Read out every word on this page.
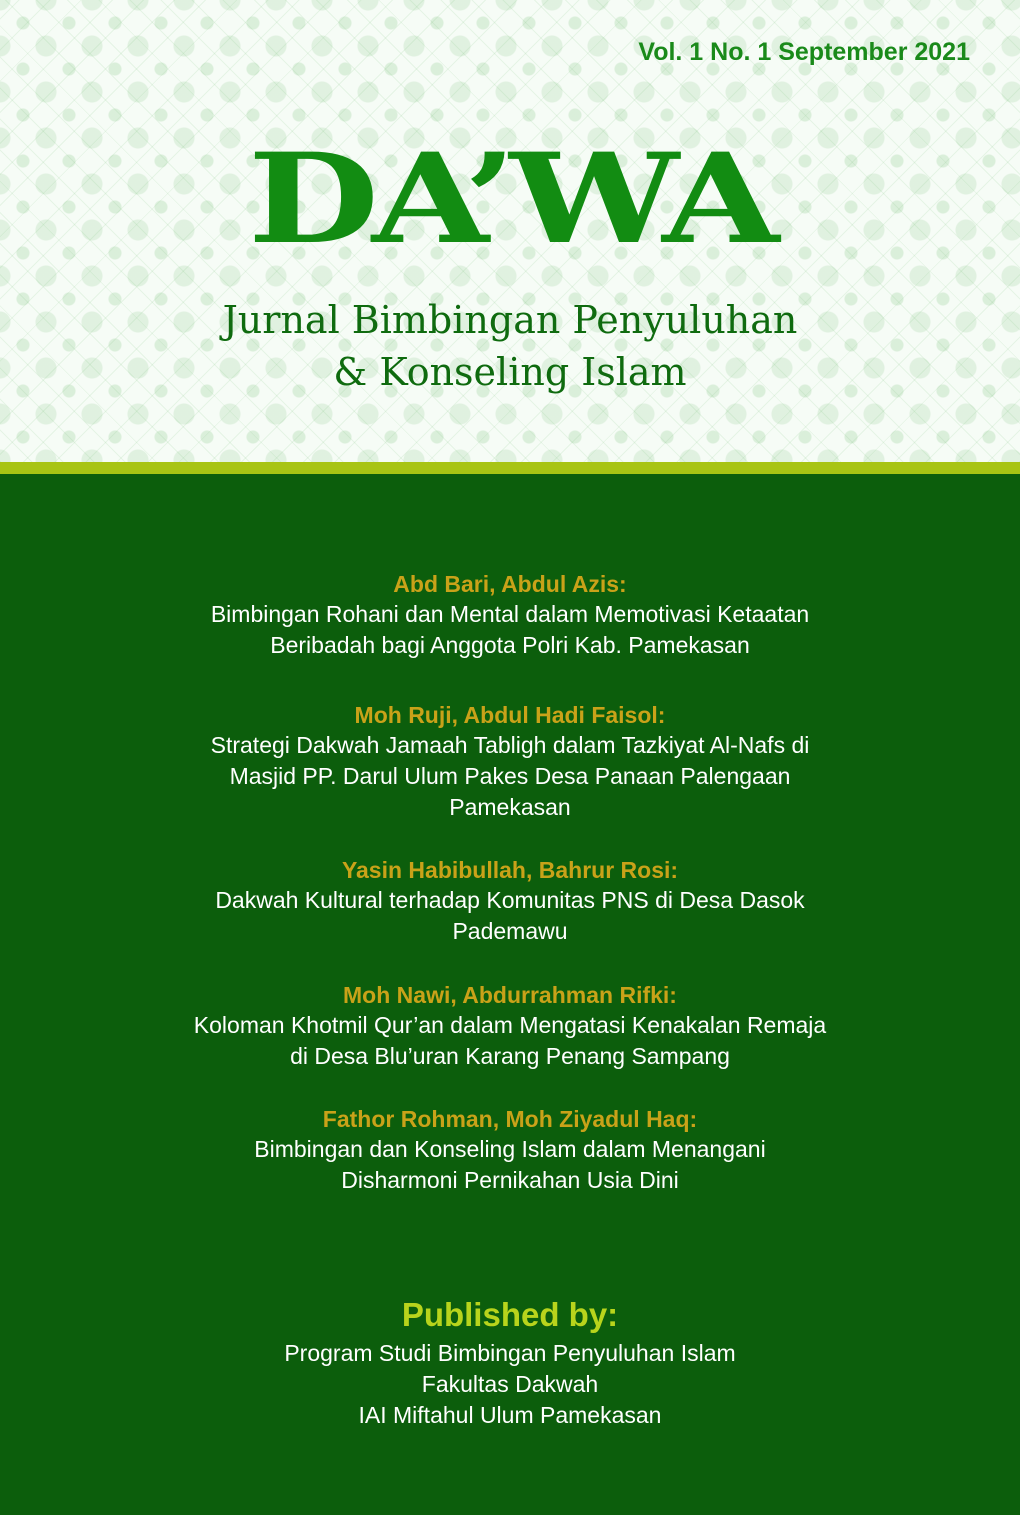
Vol. 1 No. 1 September 2021
DA’WA
Jurnal Bimbingan Penyuluhan
& Konseling Islam
Abd Bari, Abdul Azis:
Bimbingan Rohani dan Mental dalam Memotivasi Ketaatan
Beribadah bagi Anggota Polri Kab. Pamekasan
Moh Ruji, Abdul Hadi Faisol:
Strategi Dakwah Jamaah Tabligh dalam Tazkiyat Al-Nafs di
Masjid PP. Darul Ulum Pakes Desa Panaan Palengaan
Pamekasan
Yasin Habibullah, Bahrur Rosi:
Dakwah Kultural terhadap Komunitas PNS di Desa Dasok
Pademawu
Moh Nawi, Abdurrahman Rifki:
Koloman Khotmil Qur’an dalam Mengatasi Kenakalan Remaja
di Desa Blu’uran Karang Penang Sampang
Fathor Rohman, Moh Ziyadul Haq:
Bimbingan dan Konseling Islam dalam Menangani
Disharmoni Pernikahan Usia Dini
Published by:
Program Studi Bimbingan Penyuluhan Islam
Fakultas Dakwah
IAI Miftahul Ulum Pamekasan
